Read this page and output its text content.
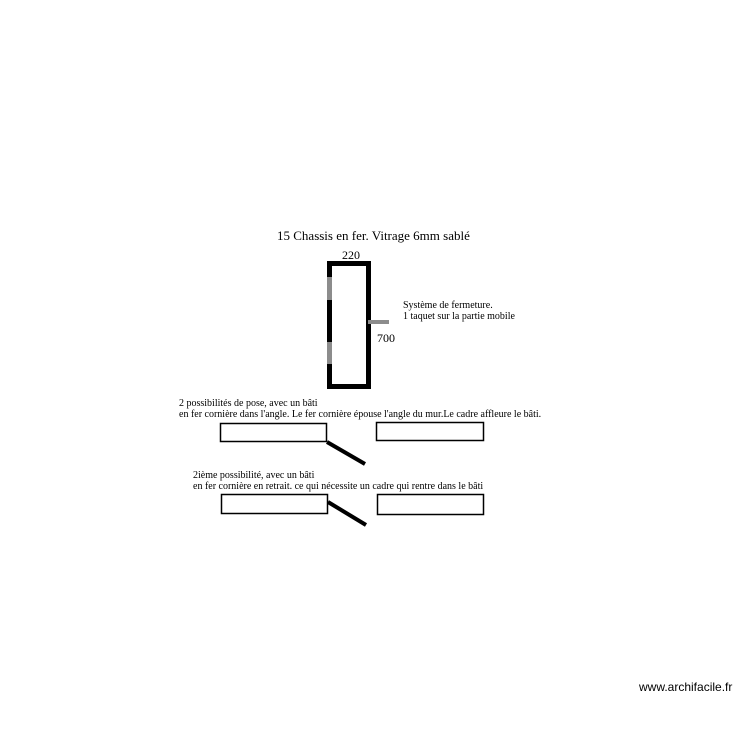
15 Chassis en fer. Vitrage 6mm sablé
220
700
Système de fermeture.
1 taquet sur la partie mobile
2 possibilités de pose, avec un bâti
en fer cornière dans l'angle. Le fer cornière épouse l'angle du mur.Le cadre affleure le bâti.
2ième possibilité, avec un bâti
en fer cornière en retrait. ce qui nécessite un cadre qui rentre dans le bâti
www.archifacile.fr
